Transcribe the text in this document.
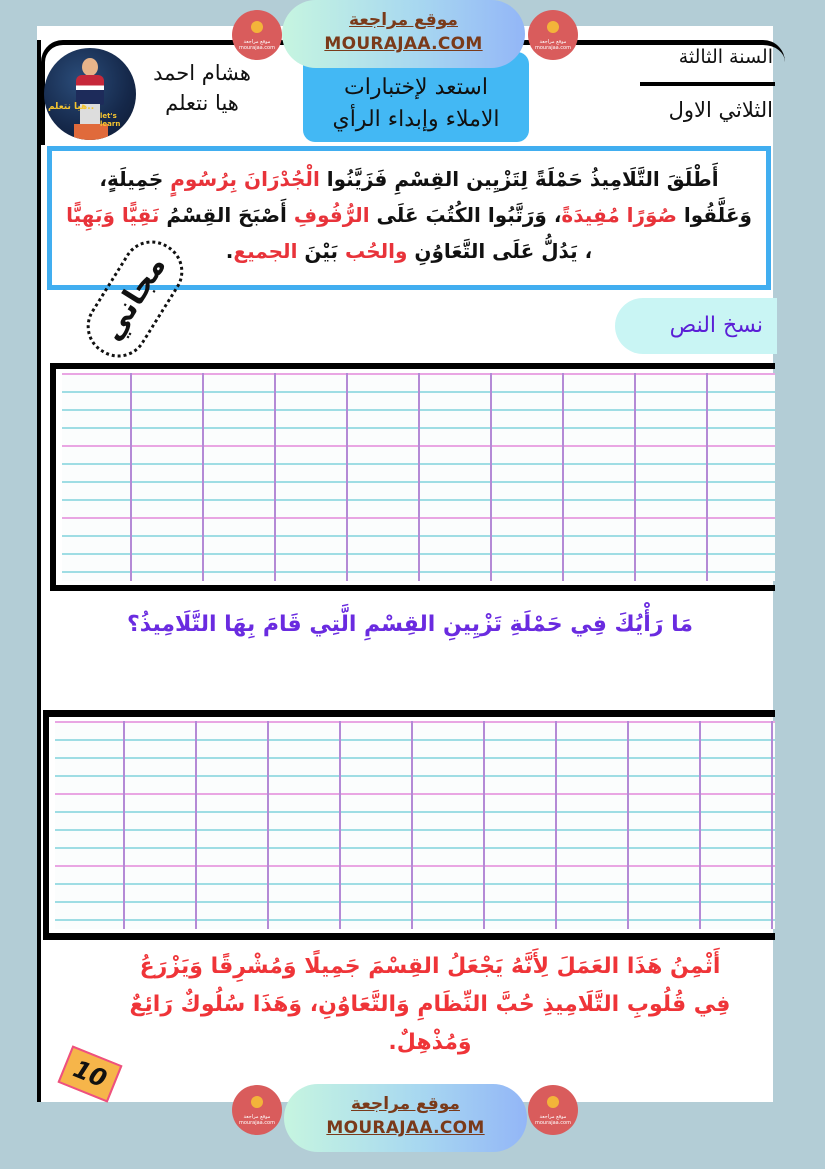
هيا نتعلم..
let's learn
هشام احمد
هيا نتعلم
استعد لإختبارات
الاملاء وإبداء الرأي
السنة الثالثة
الثلاثي الاول
موقع مراجعة mourajaa.com
موقع مراجعة
MOURAJAA.COM	موقع مراجعة mourajaa.com
أَطْلَقَ التَّلَامِيذُ حَمْلَةً لِتَزْيِين القِسْمِ فَزَيَّنُوا الْجُدْرَانَ بِرُسُومٍ جَمِيلَةٍ،
وَعَلَّقُوا صُوَرًا مُفِيدَةً، وَرَتَّبُوا الكُتُبَ عَلَى الرُّفُوفِ أَصْبَحَ القِسْمُ نَقِيًّا وَبَهِيًّا
، يَدُلُّ عَلَى التَّعَاوُنِ والحُب بَيْنَ الجميع.
مجاني	نسخ النص
مَا رَأْيُكَ فِي حَمْلَةِ تَزْيِينِ القِسْمِ الَّتِي قَامَ بِهَا التَّلَامِيذُ؟
أَثْمِنُ هَذَا العَمَلَ لِأَنَّهُ يَجْعَلُ القِسْمَ جَمِيلًا وَمُشْرِقًا وَيَزْرَعُ
فِي قُلُوبِ التَّلَامِيذِ حُبَّ النِّظَامِ وَالتَّعَاوُنِ، وَهَذَا سُلُوكٌ رَائِعٌ
وَمُذْهِلٌ.
10
موقع مراجعة mourajaa.com
موقع مراجعة
MOURAJAA.COM
موقع مراجعة mourajaa.com
